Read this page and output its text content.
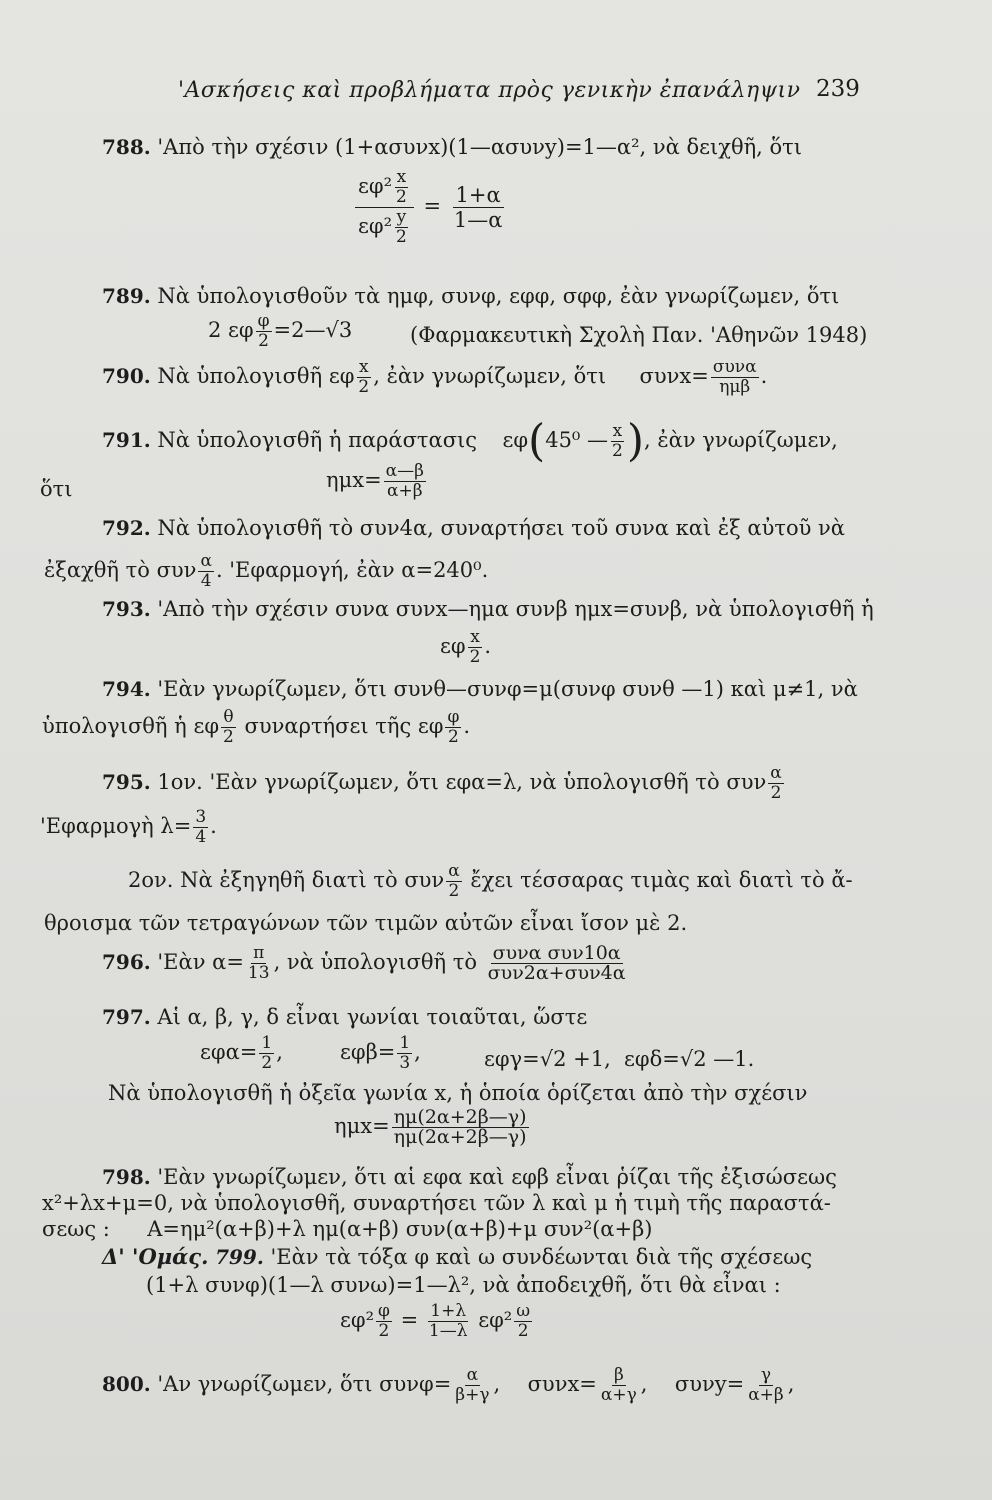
'Ασκήσεις καὶ προβλήματα πρὸς γενικὴν ἐπανάληψιν 239
788. 'Aπὸ τὴν σχέσιν (1+ασυνx)(1—ασυνy)=1—α², νὰ δειχθῆ, ὅτι
$\frac{\varepsilon\varphi^2 \frac{x}{2}}{\varepsilon\varphi^2 \frac{y}{2}} = \frac{1+\alpha}{1—\alpha}$
789. Νὰ ὑπολογισθοῦν τὰ ημφ, συνφ, εφφ, σφφ, ἐὰν γνωρίζωμεν, ὅτι
2 εφ $\frac{\varphi}{2}$ =2—√3	(Φαρμακευτικὴ Σχολὴ Παν. 'Aθηνῶν 1948)
790. Νὰ ὑπολογισθῆ εφ $\frac{x}{2}$ , ἐὰν γνωρίζωμεν, ὅτι συνx= συνα
ημβ .
791. Νὰ ὑπολογισθῆ ἡ παράστασις εφ(45⁰ — $\frac{x}{2}$ ), ἐὰν γνωρίζωμεν,
ὅτι	$\eta\mu x= \frac{\alpha—\beta}{\alpha+\beta}$
792. Νὰ ὑπολογισθῆ τὸ συν4α, συναρτήσει τοῦ συνα καὶ ἐξ αὐτοῦ νὰ
ἐξαχθῆ τὸ συν $\frac{\alpha}{4}$ . 'Εφαρμογή, ἐὰν α=240⁰.
793. 'Aπὸ τὴν σχέσιν συνα συνx—ημα συνβ ημx=συνβ, νὰ ὑπολογισθῆ ἡ
εφ $\frac{x}{2}$ .
794. 'Εὰν γνωρίζωμεν, ὅτι συνθ—συνφ=μ(συνφ συνθ —1) καὶ μ≠1, νὰ
ὑπολογισθῆ ἡ εφ $\frac{\theta}{2}$ συναρτήσει τῆς εφ $\frac{\varphi}{2}$ .
795. 1ον. 'Εὰν γνωρίζωμεν, ὅτι εφα=λ, νὰ ὑπολογισθῆ τὸ συν $\frac{\alpha}{2}$
'Εφαρμογὴ $\lambda= \frac{3}{4}$ .
2ον. Νὰ ἐξηγηθῆ διατὶ τὸ συν $\frac{\alpha}{2}$ ἔχει τέσσαρας τιμὰς καὶ διατὶ τὸ ἄ-
θροισμα τῶν τετραγώνων τῶν τιμῶν αὐτῶν εἶναι ἴσον μὲ 2.
796. 'Εὰν $\alpha= \frac{\pi}{13}$ , νὰ ὑπολογισθῆ τὸ συνα συν10α
συν2α+συν4α
797. Aἱ α, β, γ, δ εἶναι γωνίαι τοιαῦται, ὥστε
$\varepsilon\varphi\alpha= \frac{1}{2}$ ,	$\varepsilon\varphi\beta= \frac{1}{3}$ ,	εφγ=√2 +1, εφδ=√2 —1.
Νὰ ὑπολογισθῆ ἡ ὀξεῖα γωνία x, ἡ ὁποία ὁρίζεται ἀπὸ τὴν σχέσιν
$\eta\mu x= \frac{\eta\mu(2\alpha+2\beta—\gamma)}{\eta\mu(2\alpha+2\beta—\gamma)}$
798. 'Εὰν γνωρίζωμεν, ὅτι αἱ εφα καὶ εφβ εἶναι ῥίζαι τῆς ἐξισώσεως
x²+λx+μ=0, νὰ ὑπολογισθῆ, συναρτήσει τῶν λ καὶ μ ἡ τιμὴ τῆς παραστά-
σεως : A=ημ²(α+β)+λ ημ(α+β) συν(α+β)+μ συν²(α+β)
Δ' 'Ομάς. 799. 'Εὰν τὰ τόξα φ καὶ ω συνδέωνται διὰ τῆς σχέσεως
(1+λ συνφ)(1—λ συνω)=1—λ², νὰ ἀποδειχθῆ, ὅτι θὰ εἶναι :
$\varepsilon\varphi^2 \frac{\varphi}{2} = \frac{1+\lambda}{1—\lambda} \varepsilon\varphi^2 \frac{\omega}{2}$
800. 'Aν γνωρίζωμεν, ὅτι $\sigma\upsilon\nu\varphi= \frac{\alpha}{\beta+\gamma}$ , $\sigma\upsilon\nu x= \frac{\beta}{\alpha+\gamma}$ , $\sigma\upsilon\nu y= \frac{\gamma}{\alpha+\beta}$ ,
